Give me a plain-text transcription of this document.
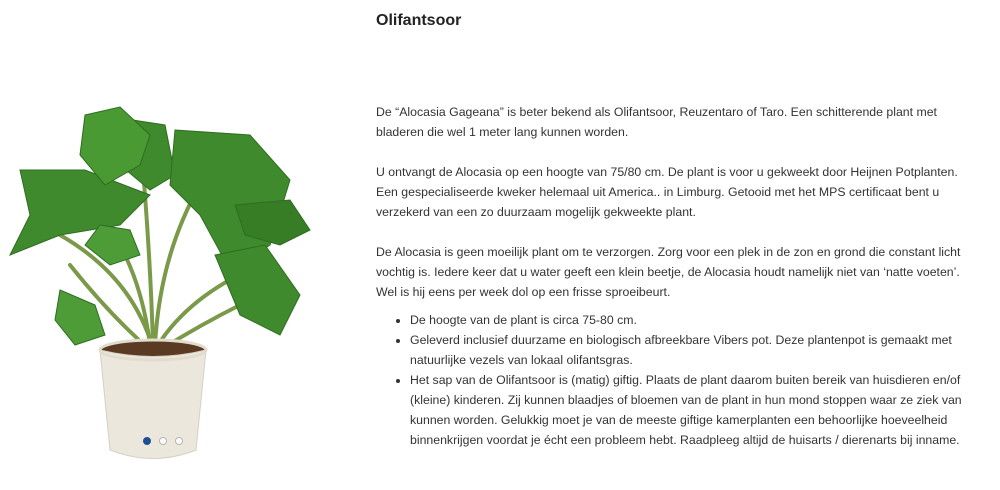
Olifantsoor

De “Alocasia Gageana” is beter bekend als Olifantsoor, Reuzentaro of Taro. Een schitterende plant met bladeren die wel 1 meter lang kunnen worden.

U ontvangt de Alocasia op een hoogte van 75/80 cm. De plant is voor u gekweekt door Heijnen Potplanten. Een gespecialiseerde kweker helemaal uit America.. in Limburg. Getooid met het MPS certificaat bent u verzekerd van een zo duurzaam mogelijk gekweekte plant.

De Alocasia is geen moeilijk plant om te verzorgen. Zorg voor een plek in de zon en grond die constant licht vochtig is. Iedere keer dat u water geeft een klein beetje, de Alocasia houdt namelijk niet van ‘natte voeten’. Wel is hij eens per week dol op een frisse sproeibeurt.

• De hoogte van de plant is circa 75-80 cm.
• Geleverd inclusief duurzame en biologisch afbreekbare Vibers pot. Deze plantenpot is gemaakt met natuurlijke vezels van lokaal olifantsgras.
• Het sap van de Olifantsoor is (matig) giftig. Plaats de plant daarom buiten bereik van huisdieren en/of (kleine) kinderen. Zij kunnen blaadjes of bloemen van de plant in hun mond stoppen waar ze ziek van kunnen worden. Gelukkig moet je van de meeste giftige kamerplanten een behoorlijke hoeveelheid binnenkrijgen voordat je écht een probleem hebt. Raadpleeg altijd de huisarts / dierenarts bij inname.
